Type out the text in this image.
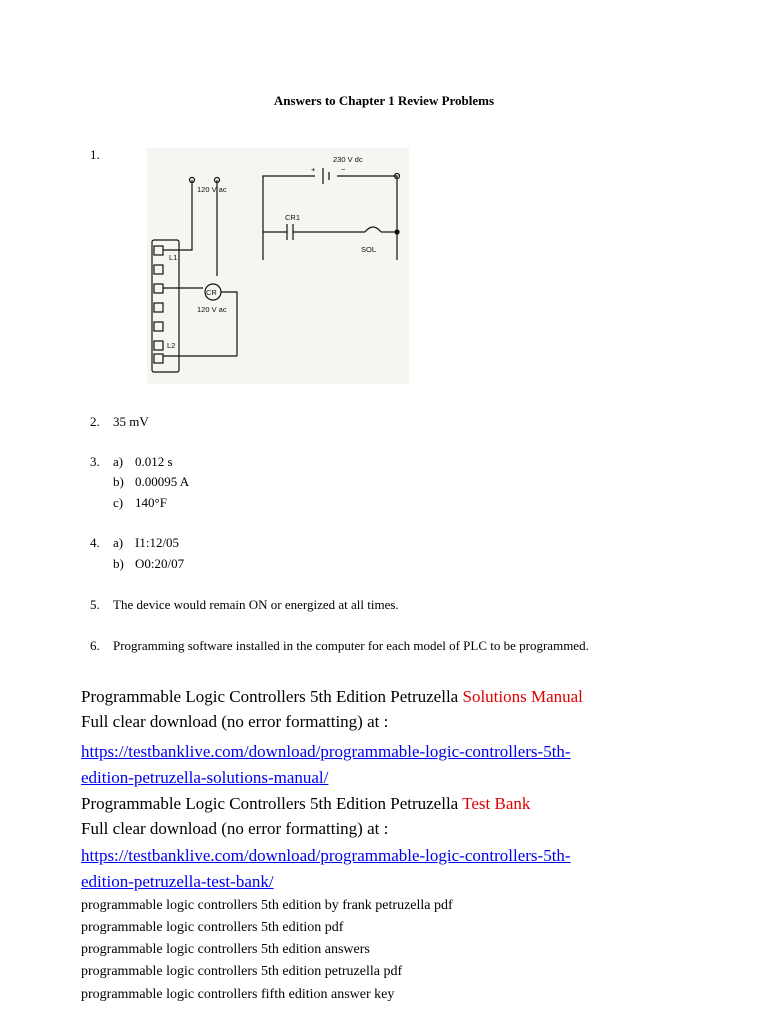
Answers to Chapter 1 Review Problems
1.	230 V dc
+	−
120 V ac
CR1
SOL
L1
CR
120 V ac
L2
2. 35 mV
3. a) 0.012 s
b) 0.00095 A
c) 140°F
4. a) I1:12/05
b) O0:20/07
5. The device would remain ON or energized at all times.
6. Programming software installed in the computer for each model of PLC to be programmed.
Programmable Logic Controllers 5th Edition Petruzella Solutions Manual
Full clear download (no error formatting) at :
https://testbanklive.com/download/programmable-logic-controllers-5th-
edition-petruzella-solutions-manual/
Programmable Logic Controllers 5th Edition Petruzella Test Bank
Full clear download (no error formatting) at :
https://testbanklive.com/download/programmable-logic-controllers-5th-
edition-petruzella-test-bank/
programmable logic controllers 5th edition by frank petruzella pdf
programmable logic controllers 5th edition pdf
programmable logic controllers 5th edition answers
programmable logic controllers 5th edition petruzella pdf
programmable logic controllers fifth edition answer key
